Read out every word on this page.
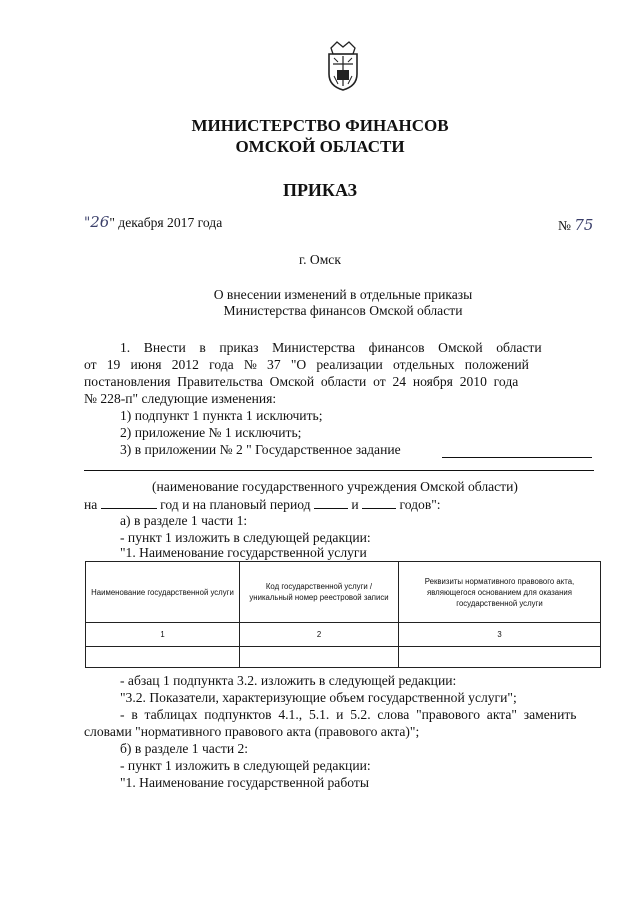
МИНИСТЕРСТВО ФИНАНСОВ
ОМСКОЙ ОБЛАСТИ
ПРИКАЗ
"26" декабря 2017 года	№ 75
г. Омск
О внесении изменений в отдельные приказы
Министерства финансов Омской области
1.    Внести    в    приказ    Министерства    финансов    Омской    области
от   19   июня   2012   года   №   37   "О   реализации   отдельных   положений
постановления  Правительства  Омской  области  от  24  ноября  2010  года
№ 228-п" следующие изменения:
1) подпункт 1 пункта 1 исключить;
2) приложение № 1 исключить;
3) в приложении № 2 " Государственное задание
(наименование государственного учреждения Омской области)
на	год и на плановый период	и	годов":
а) в разделе 1 части 1:
- пункт 1 изложить в следующей редакции:
"1. Наименование государственной услуги
Наименование государственной услуги	Код государственной услуги / уникальный номер реестровой записи	Реквизиты нормативного правового акта, являющегося основанием для оказания государственной услуги
1	2	3

- абзац 1 подпункта 3.2. изложить в следующей редакции:
"3.2. Показатели, характеризующие объем государственной услуги";
-  в  таблицах  подпунктов  4.1.,  5.1.  и  5.2.  слова  "правового  акта"  заменить
словами "нормативного правового акта (правового акта)";
б) в разделе 1 части 2:
- пункт 1 изложить в следующей редакции:
"1. Наименование государственной работы
